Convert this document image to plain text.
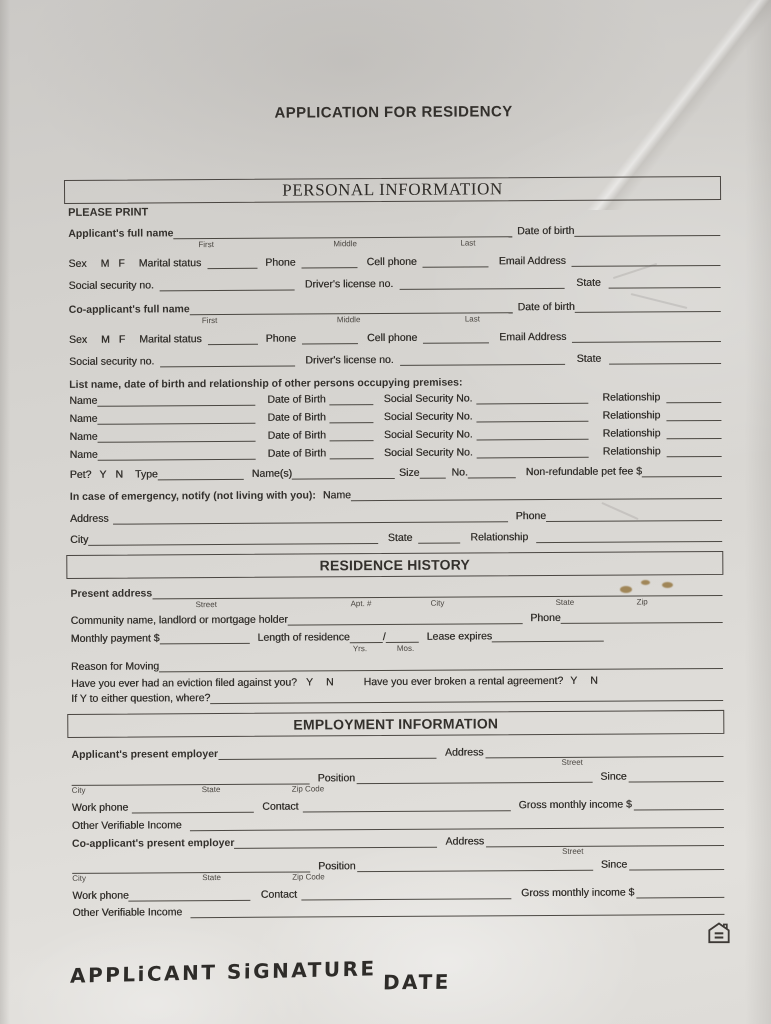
APPLICATION FOR RESIDENCY
PERSONAL INFORMATION
PLEASE PRINT
Applicant's full name	Date of birth
First	Middle	Last
Sex M F Marital status	Phone	Cell phone	Email Address
Social security no.	Driver's license no.	State
Co-applicant's full name	Date of birth
First	Middle	Last
Sex M F Marital status	Phone	Cell phone	Email Address
Social security no.	Driver's license no.	State
List name, date of birth and relationship of other persons occupying premises:
Name	Date of Birth	Social Security No.	Relationship
Name	Date of Birth	Social Security No.	Relationship
Name	Date of Birth	Social Security No.	Relationship
Name	Date of Birth	Social Security No.	Relationship
Pet? Y N Type	Name(s)	Size	No.	Non-refundable pet fee $
In case of emergency, notify (not living with you): Name
Address	Phone
City	State	Relationship
RESIDENCE HISTORY
Present address
Street	Apt. #	City	State	Zip
Community name, landlord or mortgage holder	Phone
Monthly payment $	Length of residence	/	Lease expires
Yrs.	Mos.
Reason for Moving
Have you ever had an eviction filed against you? Y N	Have you ever broken a rental agreement? Y N
If Y to either question, where?
EMPLOYMENT INFORMATION
Applicant's present employer	Address
Street
Position	Since
City	State	Zip Code
Work phone	Contact	Gross monthly income $
Other Verifiable Income
Co-applicant's present employer	Address
Street
Position	Since
City	State	Zip Code
Work phone	Contact	Gross monthly income $
Other Verifiable Income
APPLiCANT SiGNATURE DATE
